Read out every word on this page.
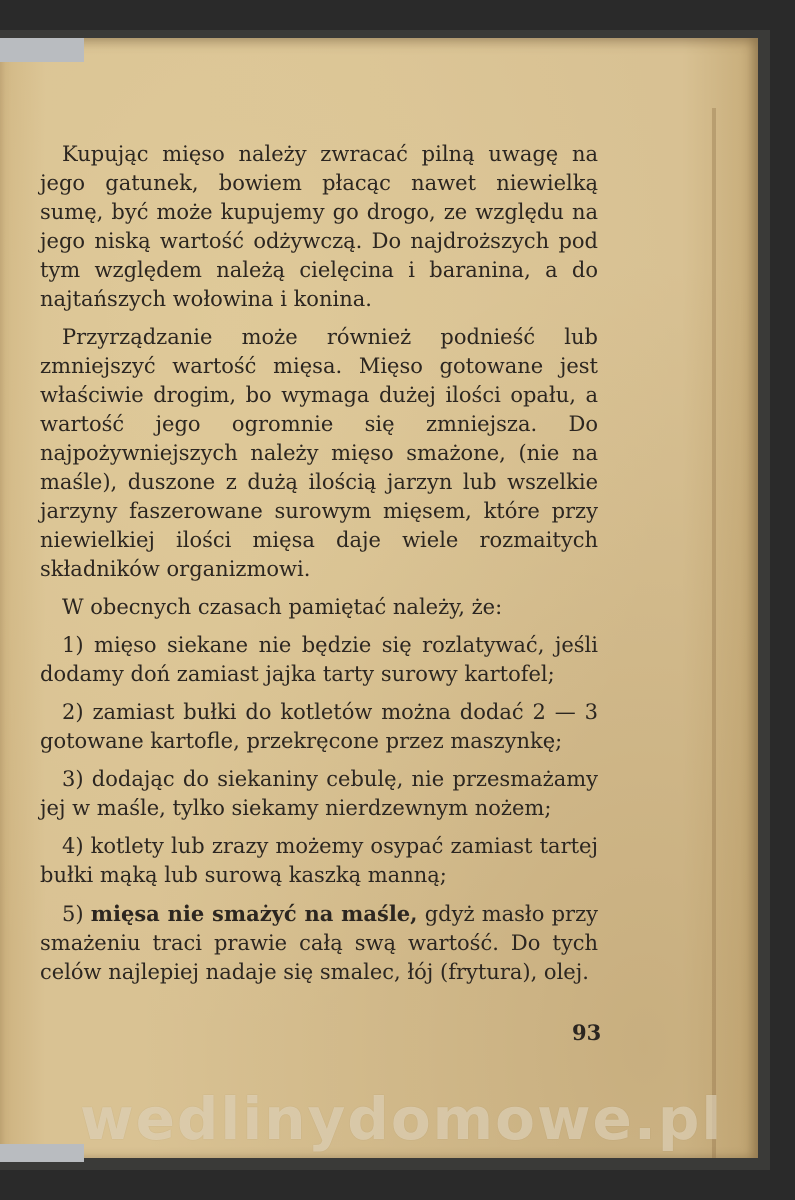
Kupując mięso należy zwracać pilną uwagę na jego gatunek, bowiem płacąc nawet niewielką sumę, być może kupujemy go drogo, ze względu na jego niską wartość odżywczą. Do najdroższych pod tym względem należą cielęcina i baranina, a do najtańszych wołowina i konina.

Przyrządzanie może również podnieść lub zmniejszyć wartość mięsa. Mięso gotowane jest właściwie drogim, bo wymaga dużej ilości opału, a wartość jego ogromnie się zmniejsza. Do najpożywniejszych należy mięso smażone, (nie na maśle), duszone z dużą ilością jarzyn lub wszelkie jarzyny faszerowane surowym mięsem, które przy niewielkiej ilości mięsa daje wiele rozmaitych składników organizmowi.

W obecnych czasach pamiętać należy, że:

1) mięso siekane nie będzie się rozlatywać, jeśli dodamy doń zamiast jajka tarty surowy kartofel;

2) zamiast bułki do kotletów można dodać 2 — 3 gotowane kartofle, przekręcone przez maszynkę;

3) dodając do siekaniny cebulę, nie przesmażamy jej w maśle, tylko siekamy nierdzewnym nożem;

4) kotlety lub zrazy możemy osypać zamiast tartej bułki mąką lub surową kaszką manną;

5) mięsa nie smażyć na maśle, gdyż masło przy smażeniu traci prawie całą swą wartość. Do tych celów najlepiej nadaje się smalec, łój (frytura), olej.

93
wedlinydomowe.pl
